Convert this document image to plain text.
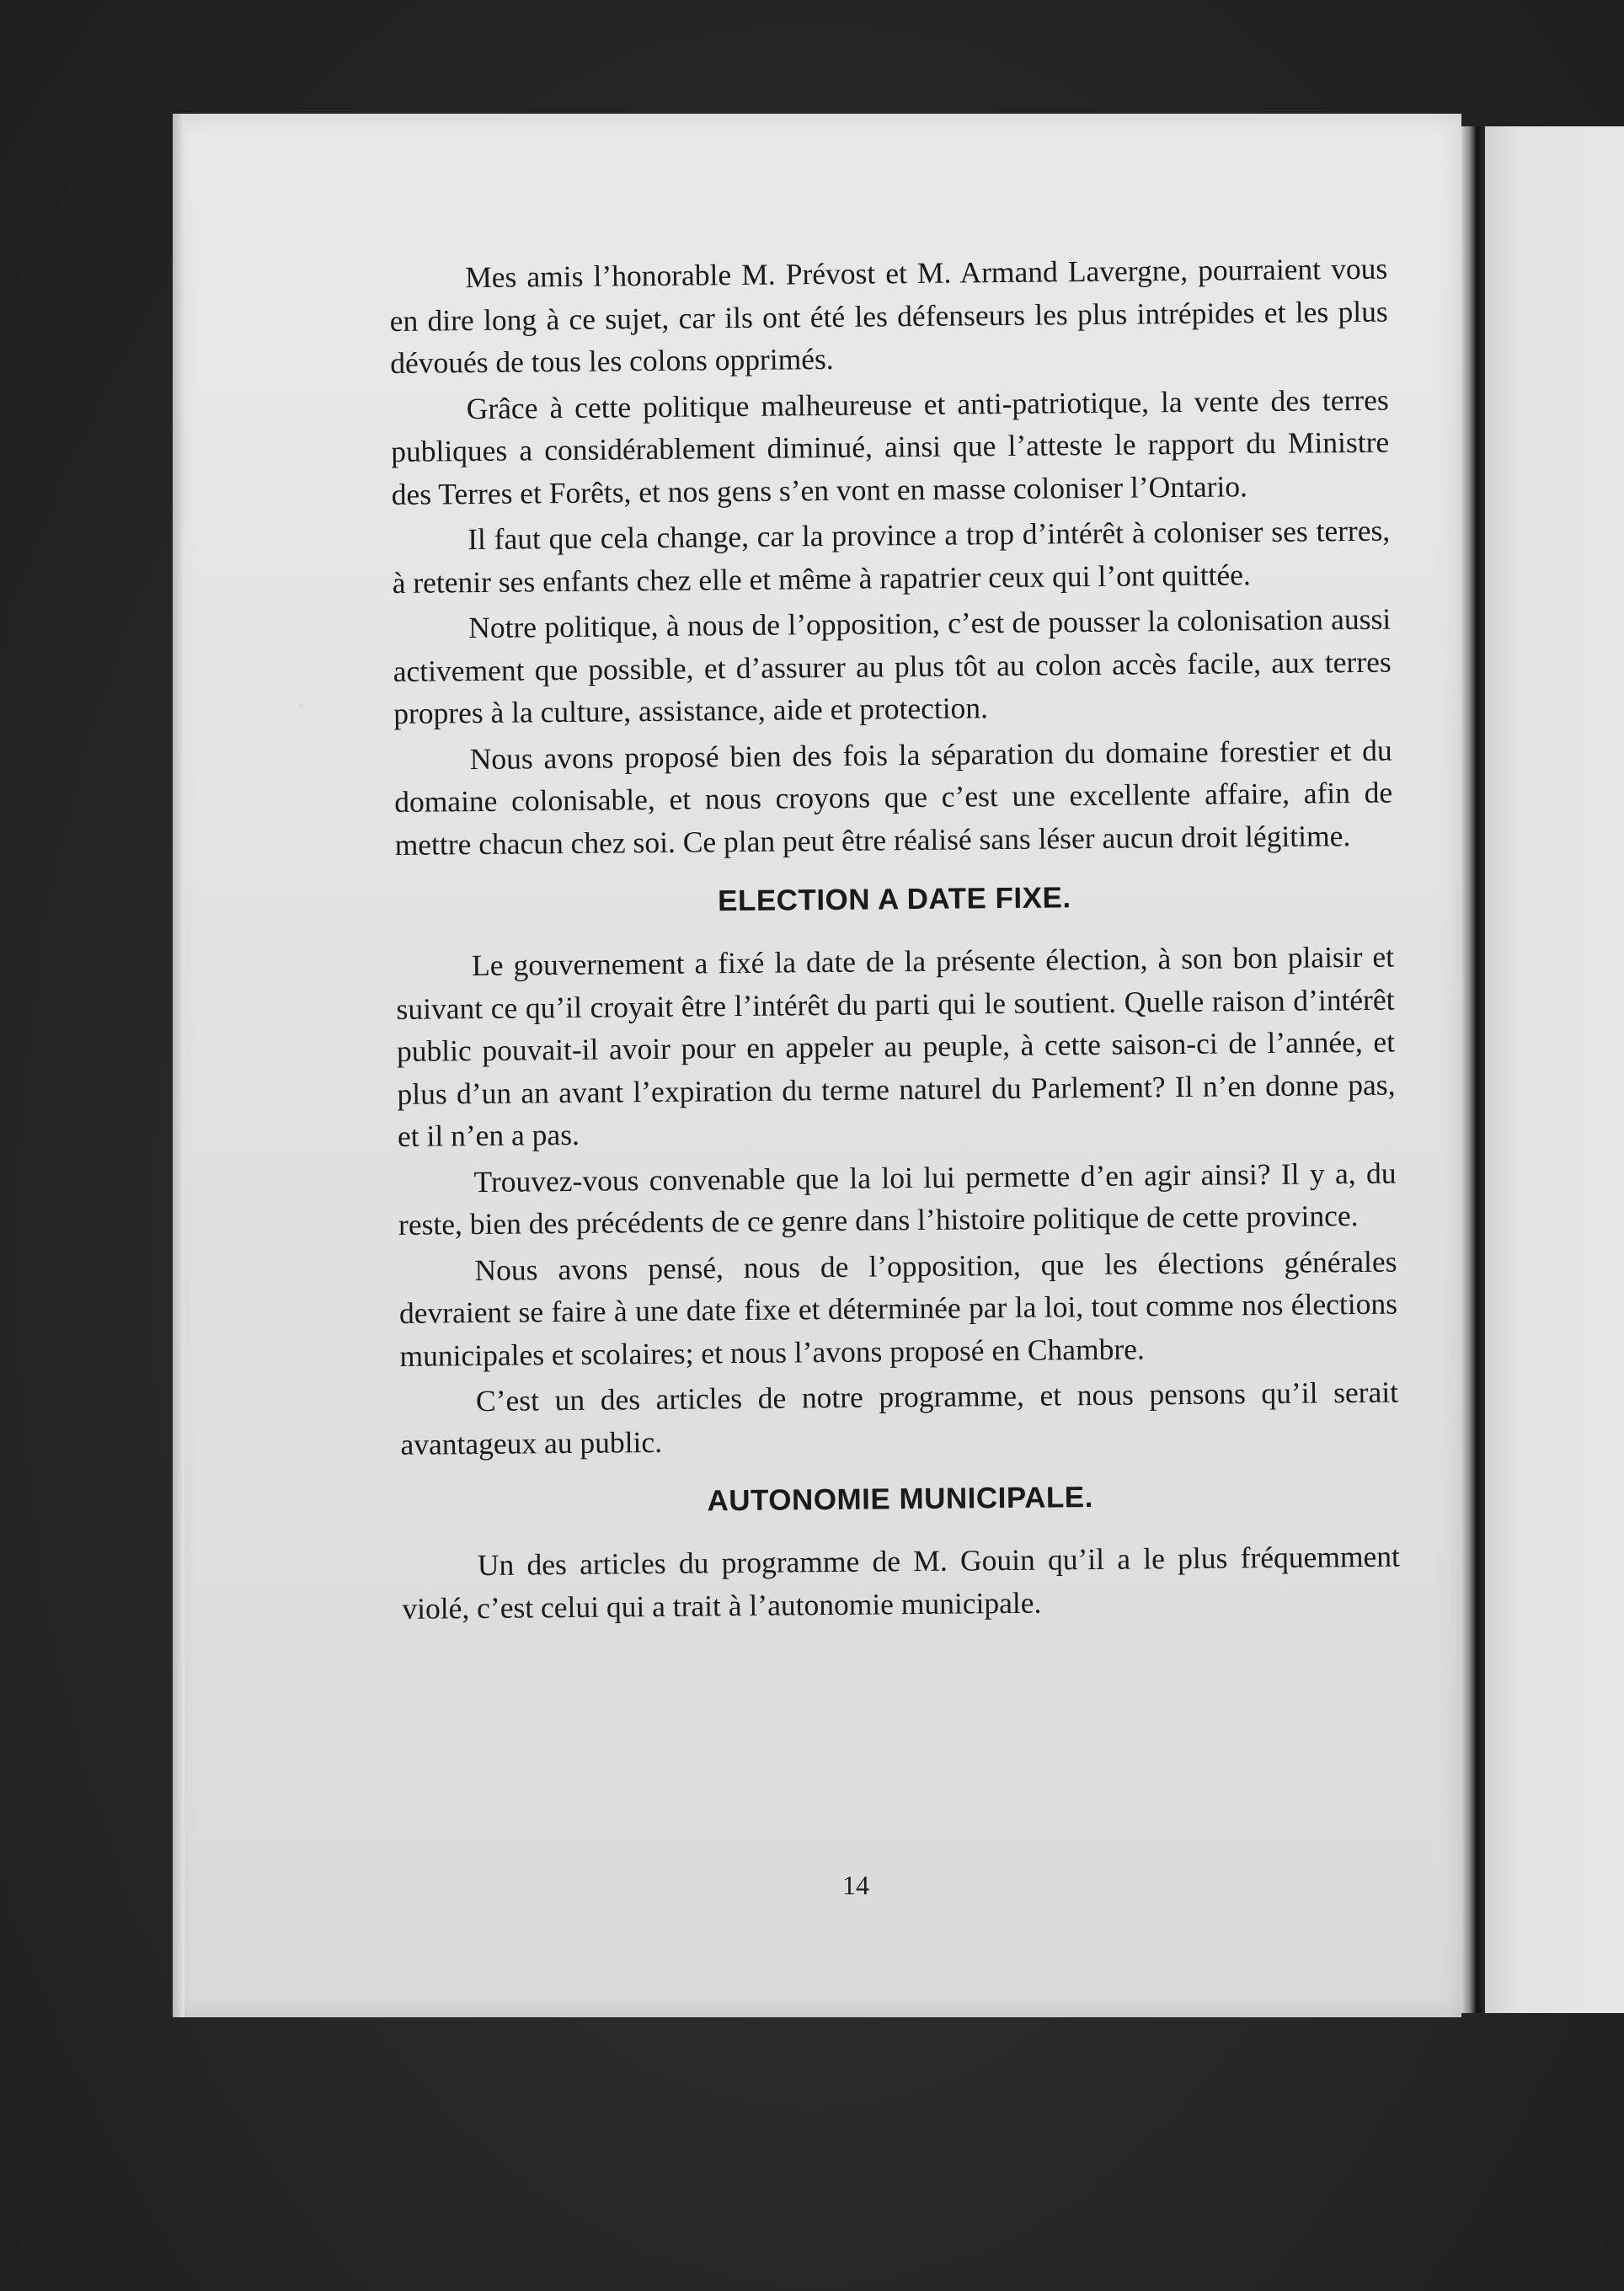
Mes amis l’honorable M. Prévost et M. Armand Lavergne, pourraient vous en dire long à ce sujet, car ils ont été les défenseurs les plus intrépides et les plus dévoués de tous les colons opprimés.

Grâce à cette politique malheureuse et anti-patriotique, la vente des terres publiques a considérablement diminué, ainsi que l’atteste le rapport du Ministre des Terres et Forêts, et nos gens s’en vont en masse coloniser l’Ontario.

Il faut que cela change, car la province a trop d’intérêt à coloniser ses terres, à retenir ses enfants chez elle et même à rapatrier ceux qui l’ont quittée.

Notre politique, à nous de l’opposition, c’est de pousser la colonisation aussi activement que possible, et d’assurer au plus tôt au colon accès facile, aux terres propres à la culture, assistance, aide et protection.

Nous avons proposé bien des fois la séparation du domaine forestier et du domaine colonisable, et nous croyons que c’est une excellente affaire, afin de mettre chacun chez soi. Ce plan peut être réalisé sans léser aucun droit légitime.

ELECTION A DATE FIXE.

Le gouvernement a fixé la date de la présente élection, à son bon plaisir et suivant ce qu’il croyait être l’intérêt du parti qui le soutient. Quelle raison d’intérêt public pouvait-il avoir pour en appeler au peuple, à cette saison-ci de l’année, et plus d’un an avant l’expiration du terme naturel du Parlement? Il n’en donne pas, et il n’en a pas.

Trouvez-vous convenable que la loi lui permette d’en agir ainsi? Il y a, du reste, bien des précédents de ce genre dans l’histoire politique de cette province.

Nous avons pensé, nous de l’opposition, que les élections générales devraient se faire à une date fixe et déterminée par la loi, tout comme nos élections municipales et scolaires; et nous l’avons proposé en Chambre.

C’est un des articles de notre programme, et nous pensons qu’il serait avantageux au public.

AUTONOMIE MUNICIPALE.

Un des articles du programme de M. Gouin qu’il a le plus fréquemment violé, c’est celui qui a trait à l’autonomie municipale.

14
